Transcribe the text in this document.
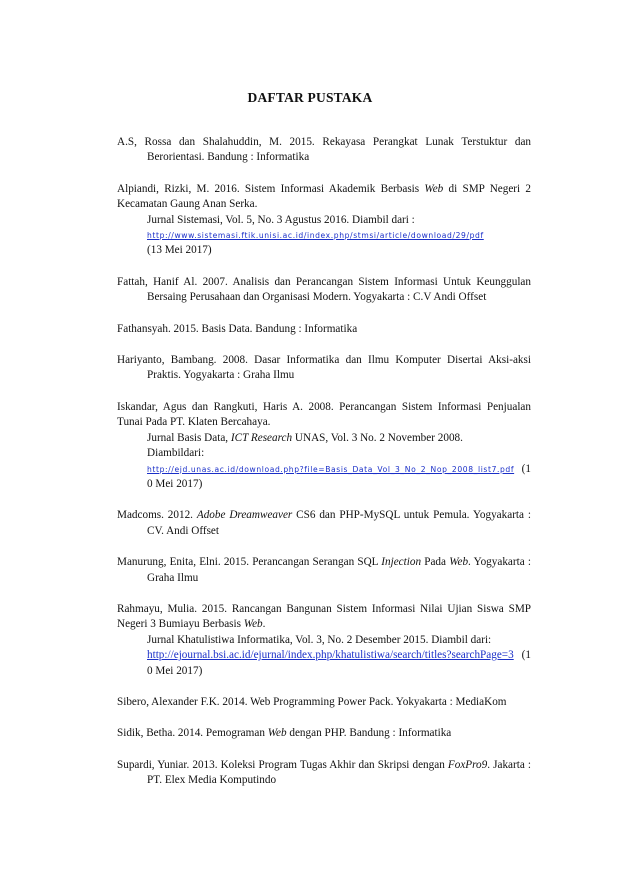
DAFTAR PUSTAKA
A.S, Rossa dan Shalahuddin, M. 2015. Rekayasa Perangkat Lunak Terstuktur dan Berorientasi. Bandung : Informatika
Alpiandi, Rizki, M. 2016. Sistem Informasi Akademik Berbasis Web di SMP Negeri 2 Kecamatan Gaung Anan Serka.
Jurnal Sistemasi, Vol. 5, No. 3 Agustus 2016. Diambil dari :
http://www.sistemasi.ftik.unisi.ac.id/index.php/stmsi/article/download/29/pdf
(13 Mei 2017)
Fattah, Hanif Al. 2007. Analisis dan Perancangan Sistem Informasi Untuk Keunggulan Bersaing Perusahaan dan Organisasi Modern. Yogyakarta : C.V Andi Offset
Fathansyah. 2015. Basis Data. Bandung : Informatika
Hariyanto, Bambang. 2008. Dasar Informatika dan Ilmu Komputer Disertai Aksi-aksi Praktis. Yogyakarta : Graha Ilmu
Iskandar, Agus dan Rangkuti, Haris A. 2008. Perancangan Sistem Informasi Penjualan Tunai Pada PT. Klaten Bercahaya.
Jurnal Basis Data, ICT Research UNAS, Vol. 3 No. 2 November 2008.
Diambildari:
http://ejd.unas.ac.id/download.php?file=Basis_Data_Vol_3_No_2_Nop_2008_list7.pdf (10 Mei 2017)
Madcoms. 2012. Adobe Dreamweaver CS6 dan PHP-MySQL untuk Pemula. Yogyakarta : CV. Andi Offset
Manurung, Enita, Elni. 2015. Perancangan Serangan SQL Injection Pada Web. Yogyakarta : Graha Ilmu
Rahmayu, Mulia. 2015. Rancangan Bangunan Sistem Informasi Nilai Ujian Siswa SMP Negeri 3 Bumiayu Berbasis Web.
Jurnal Khatulistiwa Informatika, Vol. 3, No. 2 Desember 2015. Diambil dari:
http://ejournal.bsi.ac.id/ejurnal/index.php/khatulistiwa/search/titles?searchPage=3 (10 Mei 2017)
Sibero, Alexander F.K. 2014. Web Programming Power Pack. Yokyakarta : MediaKom
Sidik, Betha. 2014. Pemograman Web dengan PHP. Bandung : Informatika
Supardi, Yuniar. 2013. Koleksi Program Tugas Akhir dan Skripsi dengan FoxPro9. Jakarta : PT. Elex Media Komputindo
